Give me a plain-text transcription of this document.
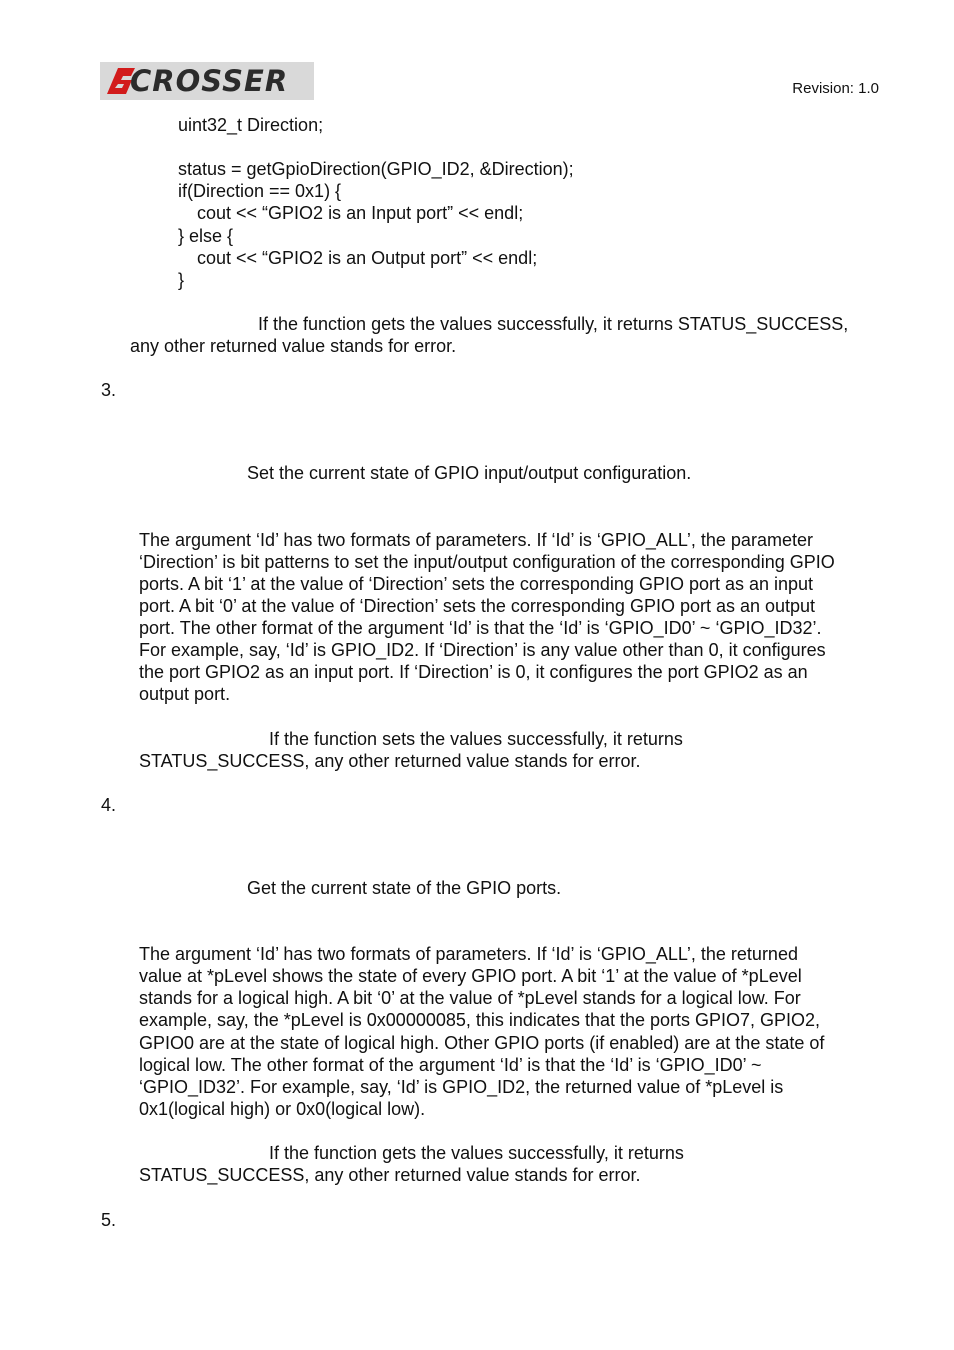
CROSSER	Revision: 1.0
uint32_t Direction;
status = getGpioDirection(GPIO_ID2, &Direction);
if(Direction == 0x1) {
cout << “GPIO2 is an Input port” << endl;
} else {
cout << “GPIO2 is an Output port” << endl;
}
If the function gets the values successfully, it returns STATUS_SUCCESS,
any other returned value stands for error.
3.
Set the current state of GPIO input/output configuration.
The argument ‘Id’ has two formats of parameters. If ‘Id’ is ‘GPIO_ALL’, the parameter
‘Direction’ is bit patterns to set the input/output configuration of the corresponding GPIO
ports. A bit ‘1’ at the value of ‘Direction’ sets the corresponding GPIO port as an input
port. A bit ‘0’ at the value of ‘Direction’ sets the corresponding GPIO port as an output
port. The other format of the argument ‘Id’ is that the ‘Id’ is ‘GPIO_ID0’ ~ ‘GPIO_ID32’.
For example, say, ‘Id’ is GPIO_ID2. If ‘Direction’ is any value other than 0, it configures
the port GPIO2 as an input port. If ‘Direction’ is 0, it configures the port GPIO2 as an
output port.
If the function sets the values successfully, it returns
STATUS_SUCCESS, any other returned value stands for error.
4.
Get the current state of the GPIO ports.
The argument ‘Id’ has two formats of parameters. If ‘Id’ is ‘GPIO_ALL’, the returned
value at *pLevel shows the state of every GPIO port. A bit ‘1’ at the value of *pLevel
stands for a logical high. A bit ‘0’ at the value of *pLevel stands for a logical low. For
example, say, the *pLevel is 0x00000085, this indicates that the ports GPIO7, GPIO2,
GPIO0 are at the state of logical high. Other GPIO ports (if enabled) are at the state of
logical low. The other format of the argument ‘Id’ is that the ‘Id’ is ‘GPIO_ID0’ ~
‘GPIO_ID32’. For example, say, ‘Id’ is GPIO_ID2, the returned value of *pLevel is
0x1(logical high) or 0x0(logical low).
If the function gets the values successfully, it returns
STATUS_SUCCESS, any other returned value stands for error.
5.
